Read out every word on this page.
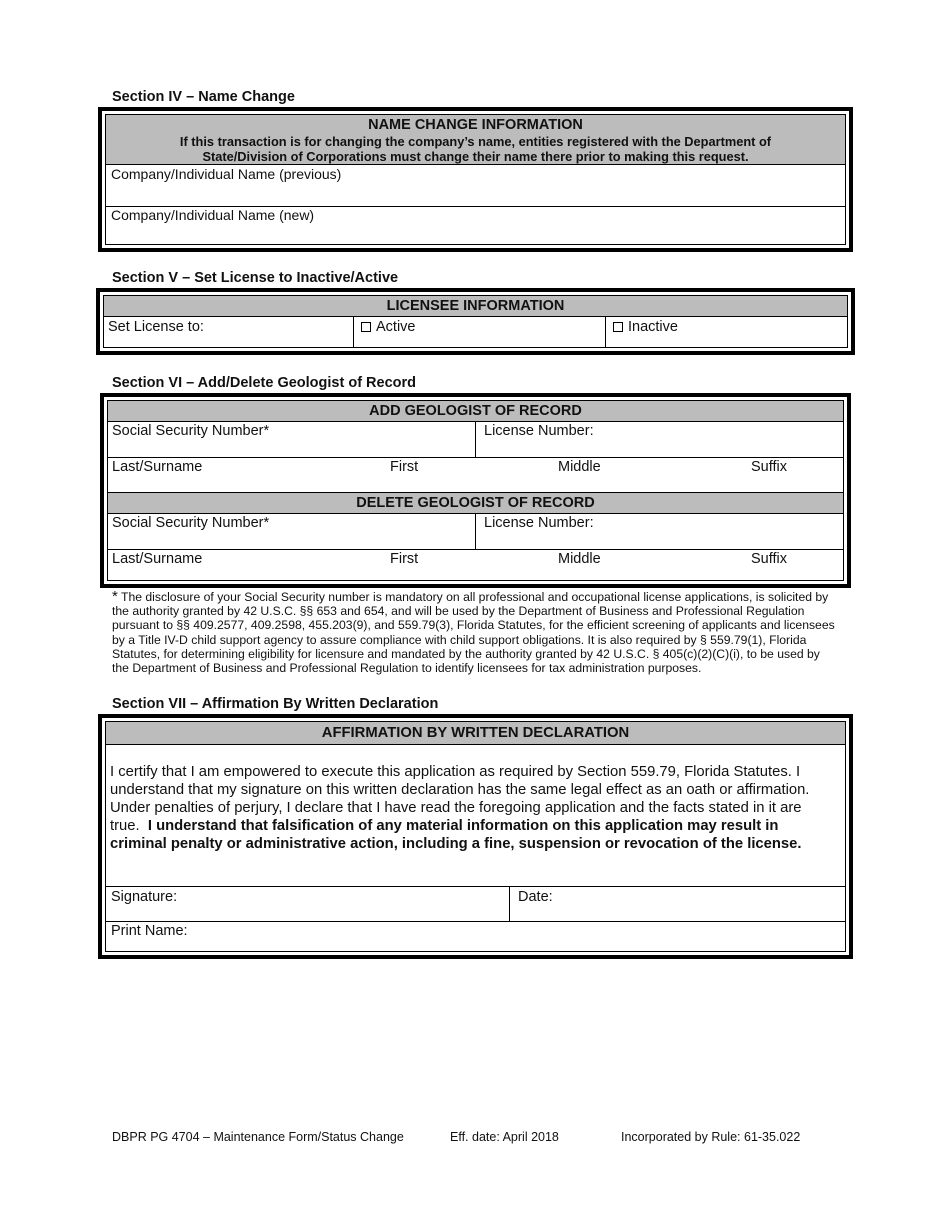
Section IV – Name Change
NAME CHANGE INFORMATION
If this transaction is for changing the company’s name, entities registered with the Department of
State/Division of Corporations must change their name there prior to making this request.
Company/Individual Name (previous)
Company/Individual Name (new)
Section V – Set License to Inactive/Active
LICENSEE INFORMATION
Set License to:	Active	Inactive
Section VI – Add/Delete Geologist of Record
ADD GEOLOGIST OF RECORD
Social Security Number*	License Number:
Last/Surname	First	Middle	Suffix
DELETE GEOLOGIST OF RECORD
Social Security Number*	License Number:
Last/Surname	First	Middle	Suffix
* The disclosure of your Social Security number is mandatory on all professional and occupational license applications, is solicited by the authority granted by 42 U.S.C. §§ 653 and 654, and will be used by the Department of Business and Professional Regulation pursuant to §§ 409.2577, 409.2598, 455.203(9), and 559.79(3), Florida Statutes, for the efficient screening of applicants and licensees by a Title IV-D child support agency to assure compliance with child support obligations. It is also required by § 559.79(1), Florida Statutes, for determining eligibility for licensure and mandated by the authority granted by 42 U.S.C. § 405(c)(2)(C)(i), to be used by the Department of Business and Professional Regulation to identify licensees for tax administration purposes.
Section VII – Affirmation By Written Declaration
AFFIRMATION BY WRITTEN DECLARATION
I certify that I am empowered to execute this application as required by Section 559.79, Florida Statutes. I understand that my signature on this written declaration has the same legal effect as an oath or affirmation. Under penalties of perjury, I declare that I have read the foregoing application and the facts stated in it are true. I understand that falsification of any material information on this application may result in criminal penalty or administrative action, including a fine, suspension or revocation of the license.
Signature:	Date:
Print Name:
DBPR PG 4704 – Maintenance Form/Status Change	Eff. date: April 2018	Incorporated by Rule: 61-35.022
